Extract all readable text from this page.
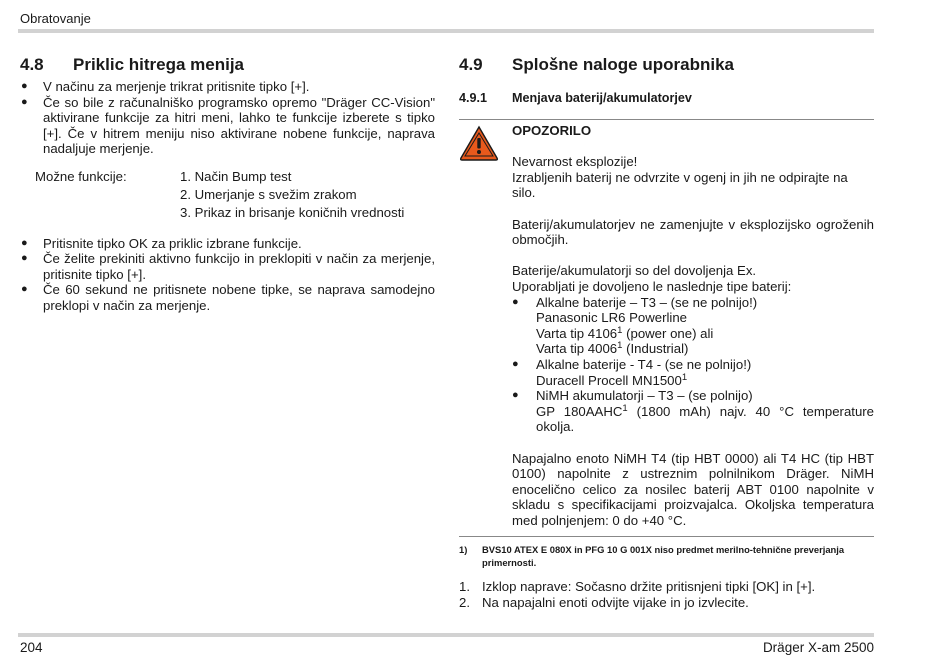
Obratovanje
4.8	Priklic hitrega menija
●	V načinu za merjenje trikrat pritisnite tipko [+].
●	Če so bile z računalniško programsko opremo "Dräger CC-Vision" aktivirane funkcije za hitri meni, lahko te funkcije izberete s tipko [+]. Če v hitrem meniju niso aktivirane nobene funkcije, naprava nadaljuje merjenje.
Možne funkcije:	1. Način Bump test
2. Umerjanje s svežim zrakom
3. Prikaz in brisanje koničnih vrednosti
●	Pritisnite tipko OK za priklic izbrane funkcije.
●	Če želite prekiniti aktivno funkcijo in preklopiti v način za merjenje, pritisnite tipko [+].
●	Če 60 sekund ne pritisnete nobene tipke, se naprava samodejno preklopi v način za merjenje.
4.9	Splošne naloge uporabnika
4.9.1	Menjava baterij/akumulatorjev
OPOZORILO
Nevarnost eksplozije!
Izrabljenih baterij ne odvrzite v ogenj in jih ne odpirajte na silo.
Baterij/akumulatorjev ne zamenjujte v eksplozijsko ogroženih območjih.
Baterije/akumulatorji so del dovoljenja Ex.
Uporabljati je dovoljeno le naslednje tipe baterij:
●	Alkalne baterije – T3 – (se ne polnijo!)
Panasonic LR6 Powerline
Varta tip 4106$^1$ (power one) ali
Varta tip 4006$^1$ (Industrial)
●	Alkalne baterije - T4 - (se ne polnijo!)
Duracell Procell MN1500$^1$
●	NiMH akumulatorji – T3 – (se polnijo)
GP 180AAHC$^1$ (1800 mAh) najv. 40 °C temperature
okolja.
Napajalno enoto NiMH T4 (tip HBT 0000) ali T4 HC (tip HBT 0100) napolnite z ustreznim polnilnikom Dräger. NiMH enocelično celico za nosilec baterij ABT 0100 napolnite v skladu s specifikacijami proizvajalca. Okoljska temperatura med polnjenjem: 0 do +40 °C.
1)	BVS10 ATEX E 080X in PFG 10 G 001X niso predmet merilno-tehnične preverjanja primernosti.
1. Izklop naprave: Sočasno držite pritisnjeni tipki [OK] in [+].
2. Na napajalni enoti odvijte vijake in jo izvlecite.
204	Dräger X-am 2500
